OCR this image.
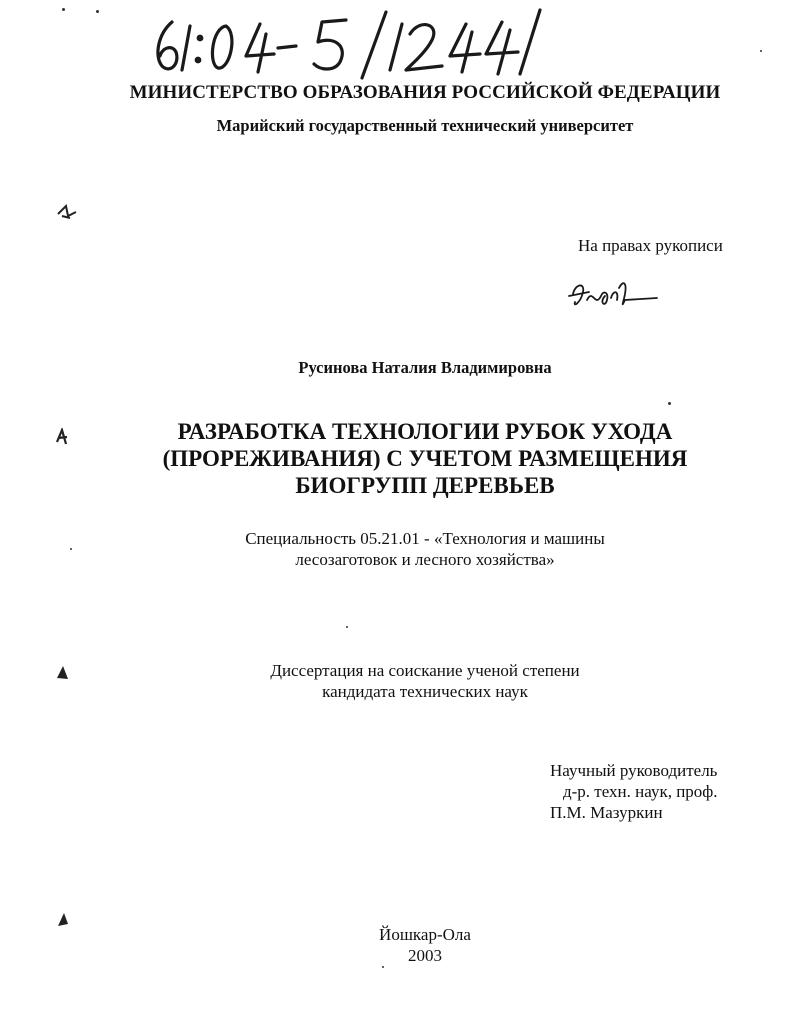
МИНИСТЕРСТВО ОБРАЗОВАНИЯ РОССИЙСКОЙ ФЕДЕРАЦИИ
Марийский государственный технический университет
На правах рукописи
Русинова Наталия Владимировна
РАЗРАБОТКА ТЕХНОЛОГИИ РУБОК УХОДА
(ПРОРЕЖИВАНИЯ) С УЧЕТОМ РАЗМЕЩЕНИЯ
БИОГРУПП ДЕРЕВЬЕВ
Специальность 05.21.01 - «Технология и машины
лесозаготовок и лесного хозяйства»
Диссертация на соискание ученой степени
кандидата технических наук
Научный руководитель
д-р. техн. наук, проф.
П.М. Мазуркин
Йошкар-Ола
2003
